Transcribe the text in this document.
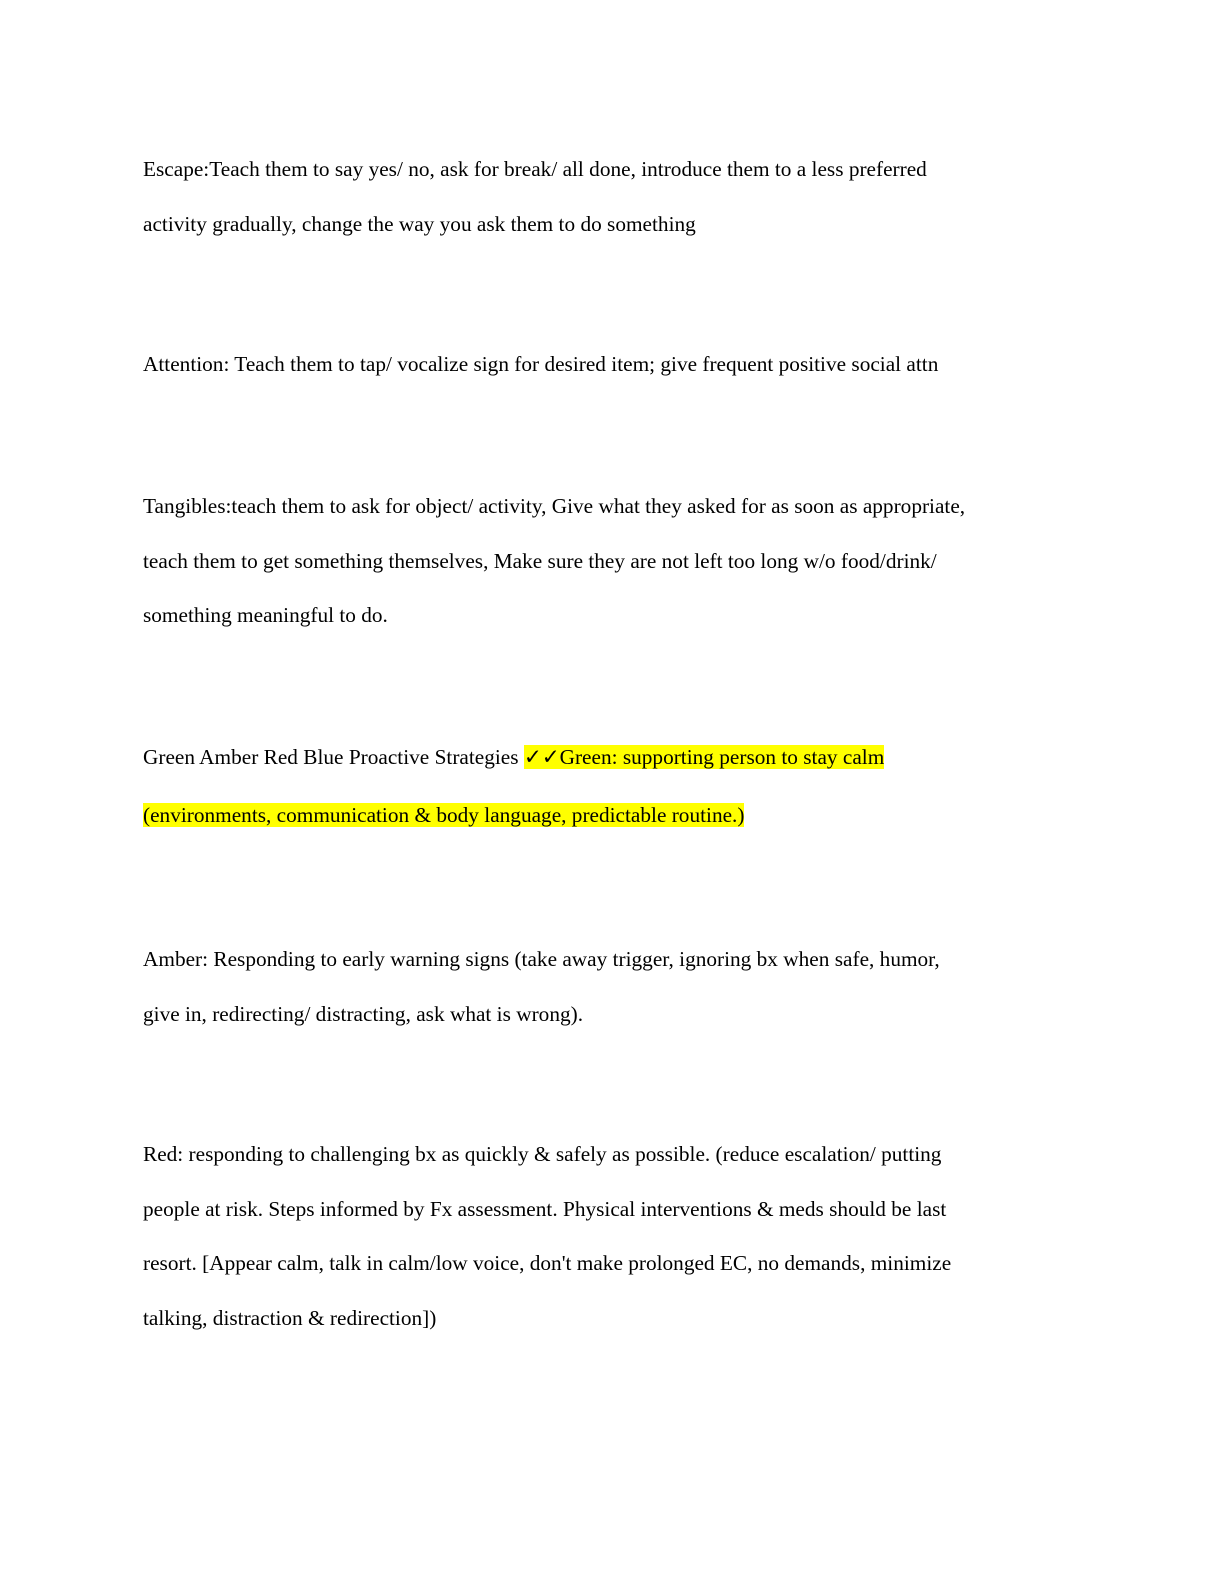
Escape:Teach them to say yes/ no, ask for break/ all done, introduce them to a less preferred
activity gradually, change the way you ask them to do something

Attention: Teach them to tap/ vocalize sign for desired item; give frequent positive social attn

Tangibles:teach them to ask for object/ activity, Give what they asked for as soon as appropriate,
teach them to get something themselves, Make sure they are not left too long w/o food/drink/
something meaningful to do.

Green Amber Red Blue Proactive Strategies ✓✓Green: supporting person to stay calm
(environments, communication & body language, predictable routine.)

Amber: Responding to early warning signs (take away trigger, ignoring bx when safe, humor,
give in, redirecting/ distracting, ask what is wrong).

Red: responding to challenging bx as quickly & safely as possible. (reduce escalation/ putting
people at risk. Steps informed by Fx assessment. Physical interventions & meds should be last
resort. [Appear calm, talk in calm/low voice, don't make prolonged EC, no demands, minimize
talking, distraction & redirection])
